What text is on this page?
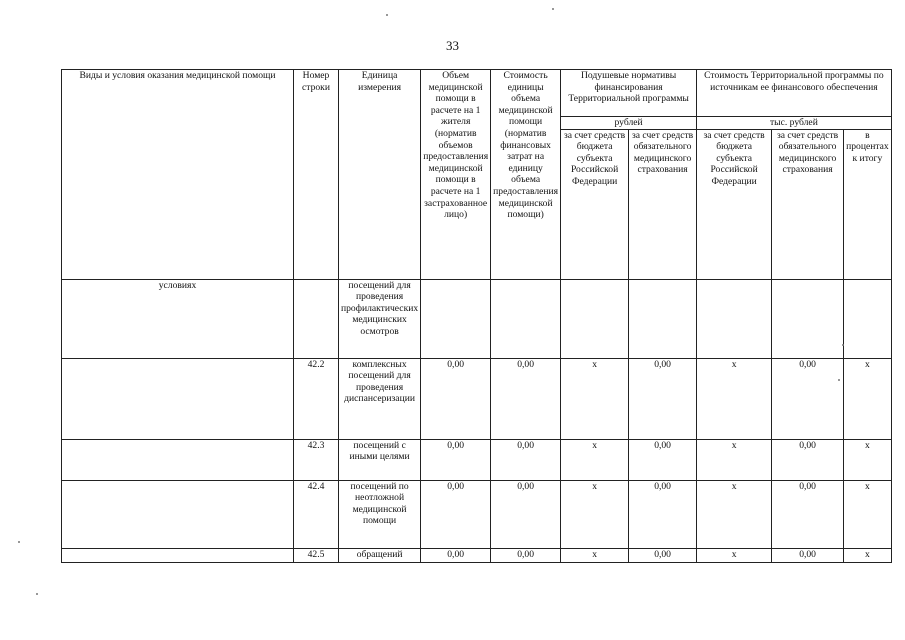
33
Виды и условия оказания медицинской помощи	Номер строки	Единица измерения	Объем медицинской помощи в расчете на 1 жителя (норматив объемов предоставления медицинской помощи в расчете на 1 застрахованное лицо)	Стоимость единицы объема медицинской помощи (норматив финансовых затрат на единицу объема предоставления медицинской помощи)	Подушевые нормативы финансирования Территориальной программы		Стоимость Территориальной программы по источникам ее финансового обеспечения		
					рублей		тыс. рублей		
					за счет средств бюджета субъекта Российской Федерации	за счет средств обязательного медицинского страхования	за счет средств бюджета субъекта Российской Федерации	за счет средств обязательного медицинского страхования	в процентах к итогу
условиях		посещений для проведения профилактических медицинских осмотров							
	42.2	комплексных посещений для проведения диспансеризации	0,00	0,00	x	0,00	x	0,00	x
	42.3	посещений с иными целями	0,00	0,00	x	0,00	x	0,00	x
	42.4	посещений по неотложной медицинской помощи	0,00	0,00	x	0,00	x	0,00	x
	42.5	обращений	0,00	0,00	x	0,00	x	0,00	x
